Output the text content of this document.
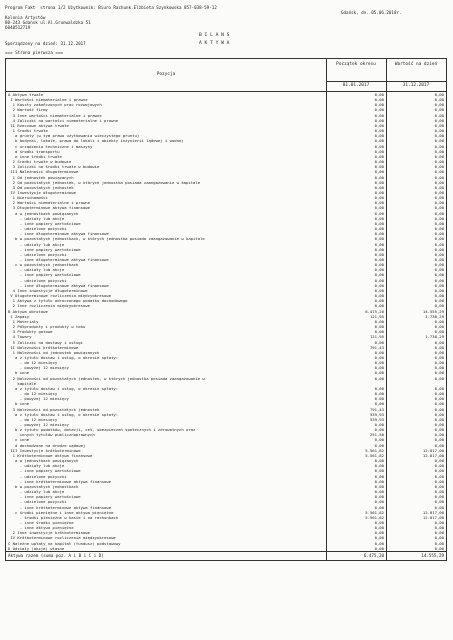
Program Fakt  strona 1/2 Użytkownik: Biuro Rachunk.Elżbieta Szynkowska 857-038-59-12
Gdańsk, dn. 05.06.2018r.
Kolonia Artystów
80-243 Gdańsk ul.Al.Grunwaldzka 51
6040512719
B I L A N S
Sporządzony na dzień: 31.12.2017	A K T Y W A
=== Strona pierwsza ===
Pozycja
Początek okresu	Wartość na dzień
01.01.2017	31.12.2017
A Aktywa trwałe	0,00	0,00
I Wartości niematerialne i prawne	0,00	0,00
1 Koszty zakończonych prac rozwojowych	0,00	0,00
2 Wartość firmy	0,00	0,00
3 Inne wartości niematerialne i prawne	0,00	0,00
4 Zaliczki na wartości niematerialne i prawne	0,00	0,00
II Rzeczowe aktywa trwałe	0,00	0,00
1 Środki trwałe	0,00	0,00
a grunty (w tym prawo użytkowania wieczystego gruntu)	0,00	0,00
b budynki, lokale, prawa do lokali i obiekty inżynierii lądowej i wodnej	0,00	0,00
c urządzenia techniczne i maszyny	0,00	0,00
d środki transportu	0,00	0,00
e inne środki trwałe	0,00	0,00
2 Środki trwałe w budowie	0,00	0,00
3 Zaliczki na środki trwałe w budowie	0,00	0,00
III Należności długoterminowe	0,00	0,00
1 Od jednostek powiązanych	0,00	0,00
2 Od pozostałych jednostek, w których jednostka posiada zaangażowanie w kapitale	0,00	0,00
3 Od pozostałych jednostek	0,00	0,00
IV Inwestycje długoterminowe	0,00	0,00
1 Nieruchomości	0,00	0,00
2 Wartości niematerialne i prawne	0,00	0,00
3 Długoterminowe aktywa finansowe	0,00	0,00
a w jednostkach powiązanych	0,00	0,00
- udziały lub akcje	0,00	0,00
- inne papiery wartościowe	0,00	0,00
- udzielone pożyczki	0,00	0,00
- inne długoterminowe aktywa finansowe	0,00	0,00
b w pozostałych jednostkach, w których jednostka posiada zaangażowanie w kapitale	0,00	0,00
- udziały lub akcje	0,00	0,00
- inne papiery wartościowe	0,00	0,00
- udzielone pożyczki	0,00	0,00
- inne długoterminowe aktywa finansowe	0,00	0,00
c w pozostałych jednostkach	0,00	0,00
- udziały lub akcje	0,00	0,00
- inne papiery wartościowe	0,00	0,00
- udzielone pożyczki	0,00	0,00
- inne długoterminowe aktywa finansowe	0,00	0,00
4 Inne inwestycje długoterminowe	0,00	0,00
V Długoterminowe rozliczenia międzyokresowe	0,00	0,00
1 Aktywa z tytułu odroczonego podatku dochodowego	0,00	0,00
2 Inne rozliczenia międzyokresowe	0,00	0,00
B Aktywa obrotowe	6.475,20	14.555,29
I Zapasy	121,95	1.738,29
1 Materiały	0,00	0,00
2 Półprodukty i produkty w toku	0,00	0,00
3 Produkty gotowe	0,00	0,00
4 Towary	121,95	1.738,29
5 Zaliczki na dostawy i usługi	0,00	0,00
II Należności krótkoterminowe	791,43	0,00
1 Należności od jednostek powiązanych	0,00	0,00
a z tytułu dostaw i usług, o okresie spłaty:	0,00	0,00
- do 12 miesięcy	0,00	0,00
- powyżej 12 miesięcy	0,00	0,00
b inne	0,00	0,00
2 Należności od pozostałych jednostek, w których jednostka posiada zaangażowanie w	0,00	0,00
kapitale
a z tytułu dostaw i usług, o okresie spłaty:	0,00	0,00
- do 12 miesięcy	0,00	0,00
- powyżej 12 miesięcy	0,00	0,00
b inne	0,00	0,00
3 Należności od pozostałych jednostek	791,43	0,00
a z tytułu dostaw i usług, o okresie spłaty:	539,93	0,00
- do 12 miesięcy	539,93	0,00
- powyżej 12 miesięcy	0,00	0,00
b z tytułu podatków, dotacji, ceł, ubezpieczeń społecznych i zdrowotnych oraz	0,00	0,00
innych tytułów publicznoprawnych	251,50	0,00
c inne	0,00	0,00
d dochodzone na drodze sądowej	0,00	0,00
III Inwestycje krótkoterminowe	5.561,82	12.817,00
1 Krótkoterminowe aktywa finansowe	5.561,82	12.817,00
a w jednostkach powiązanych	0,00	0,00
- udziały lub akcje	0,00	0,00
- inne papiery wartościowe	0,00	0,00
- udzielone pożyczki	0,00	0,00
- inne krótkoterminowe aktywa finansowe	0,00	0,00
b w pozostałych jednostkach	0,00	0,00
- udziały lub akcje	0,00	0,00
- inne papiery wartościowe	0,00	0,00
- udzielone pożyczki	0,00	0,00
- inne krótkoterminowe aktywa finansowe	0,00	0,00
c środki pieniężne i inne aktywa pieniężne	5.561,82	12.817,00
- środki pieniężne w kasie i na rachunkach	5.561,82	12.817,00
- inne środki pieniężne	0,00	0,00
- inne aktywa pieniężne	0,00	0,00
2 Inne inwestycje krótkoterminowe	0,00	0,00
IV Krótkoterminowe rozliczenia międzyokresowe	0,00	0,00
C Należne wpłaty na kapitał (fundusz) podstawowy	0,00	0,00
D Udziały (akcje) własne	0,00	0,00
Aktywa razem (suma poz. A i B i C i D)	6.475,20	14.555,29
